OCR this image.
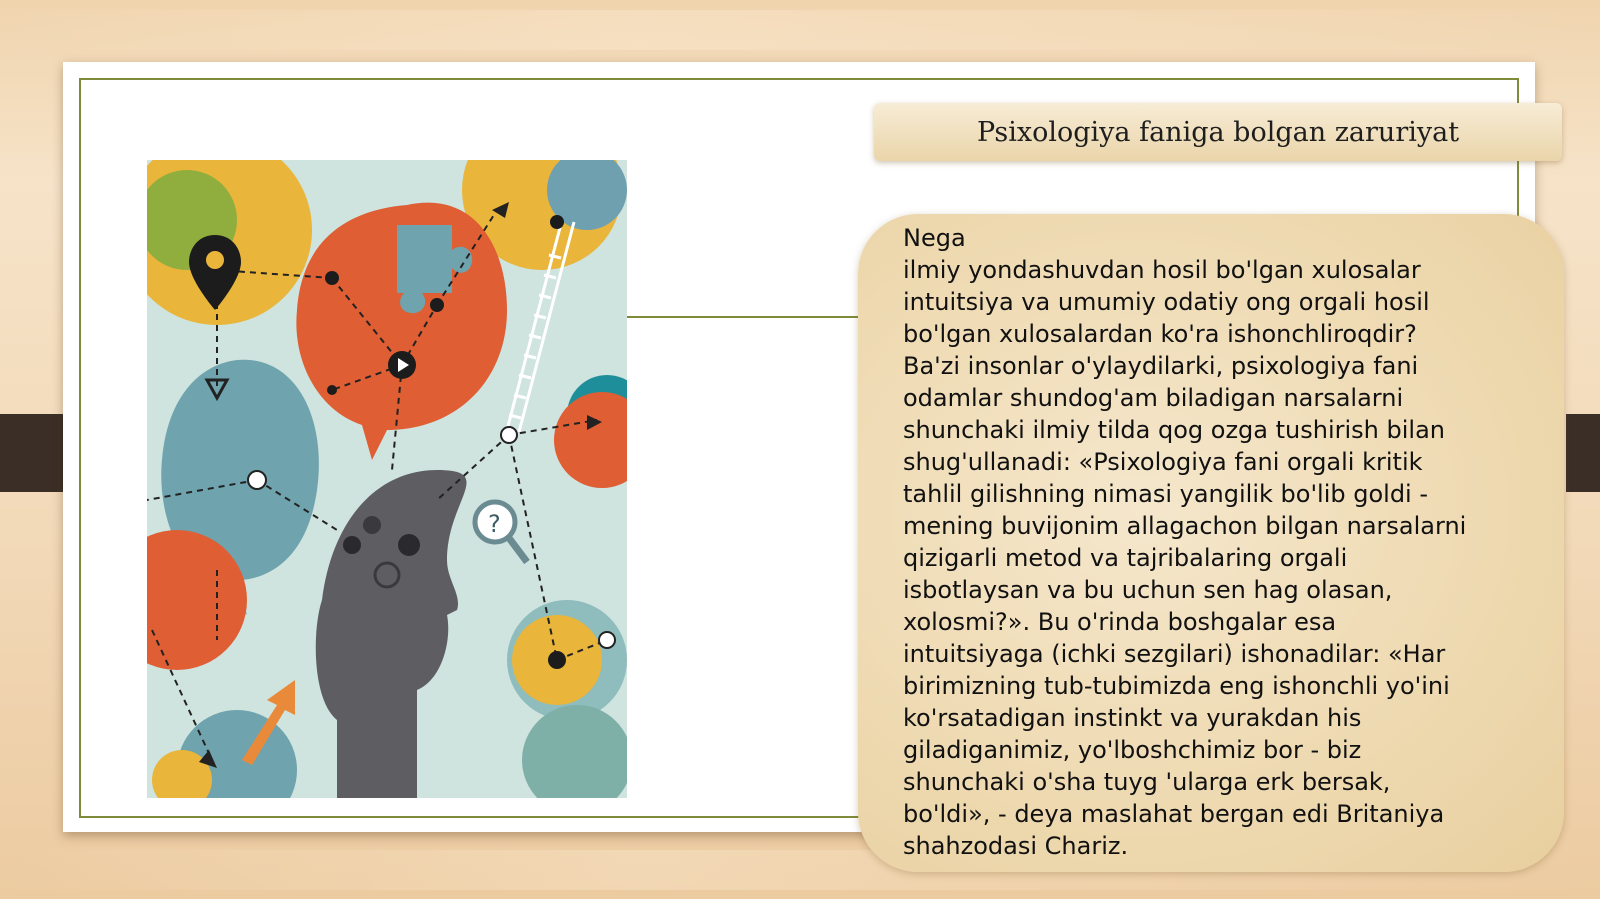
?
Psixologiya faniga bolgan zaruriyat

Nega
ilmiy yondashuvdan hosil bo'lgan xulosalar
intuitsiya va umumiy odatiy ong orgali hosil
bo'lgan xulosalardan ko'ra ishonchliroqdir?
Ba'zi insonlar o'ylaydilarki, psixologiya fani
odamlar shundog'am biladigan narsalarni
shunchaki ilmiy tilda qog ozga tushirish bilan
shug'ullanadi: «Psixologiya fani orgali kritik
tahlil gilishning nimasi yangilik bo'lib goldi -
mening buvijonim allagachon bilgan narsalarni
qizigarli metod va tajribalaring orgali
isbotlaysan va bu uchun sen hag olasan,
xolosmi?». Bu o'rinda boshgalar esa
intuitsiyaga (ichki sezgilari) ishonadilar: «Har
birimizning tub-tubimizda eng ishonchli yo'ini
ko'rsatadigan instinkt va yurakdan his
giladiganimiz, yo'lboshchimiz bor - biz
shunchaki o'sha tuyg 'ularga erk bersak,
bo'ldi», - deya maslahat bergan edi Britaniya
shahzodasi Chariz.
